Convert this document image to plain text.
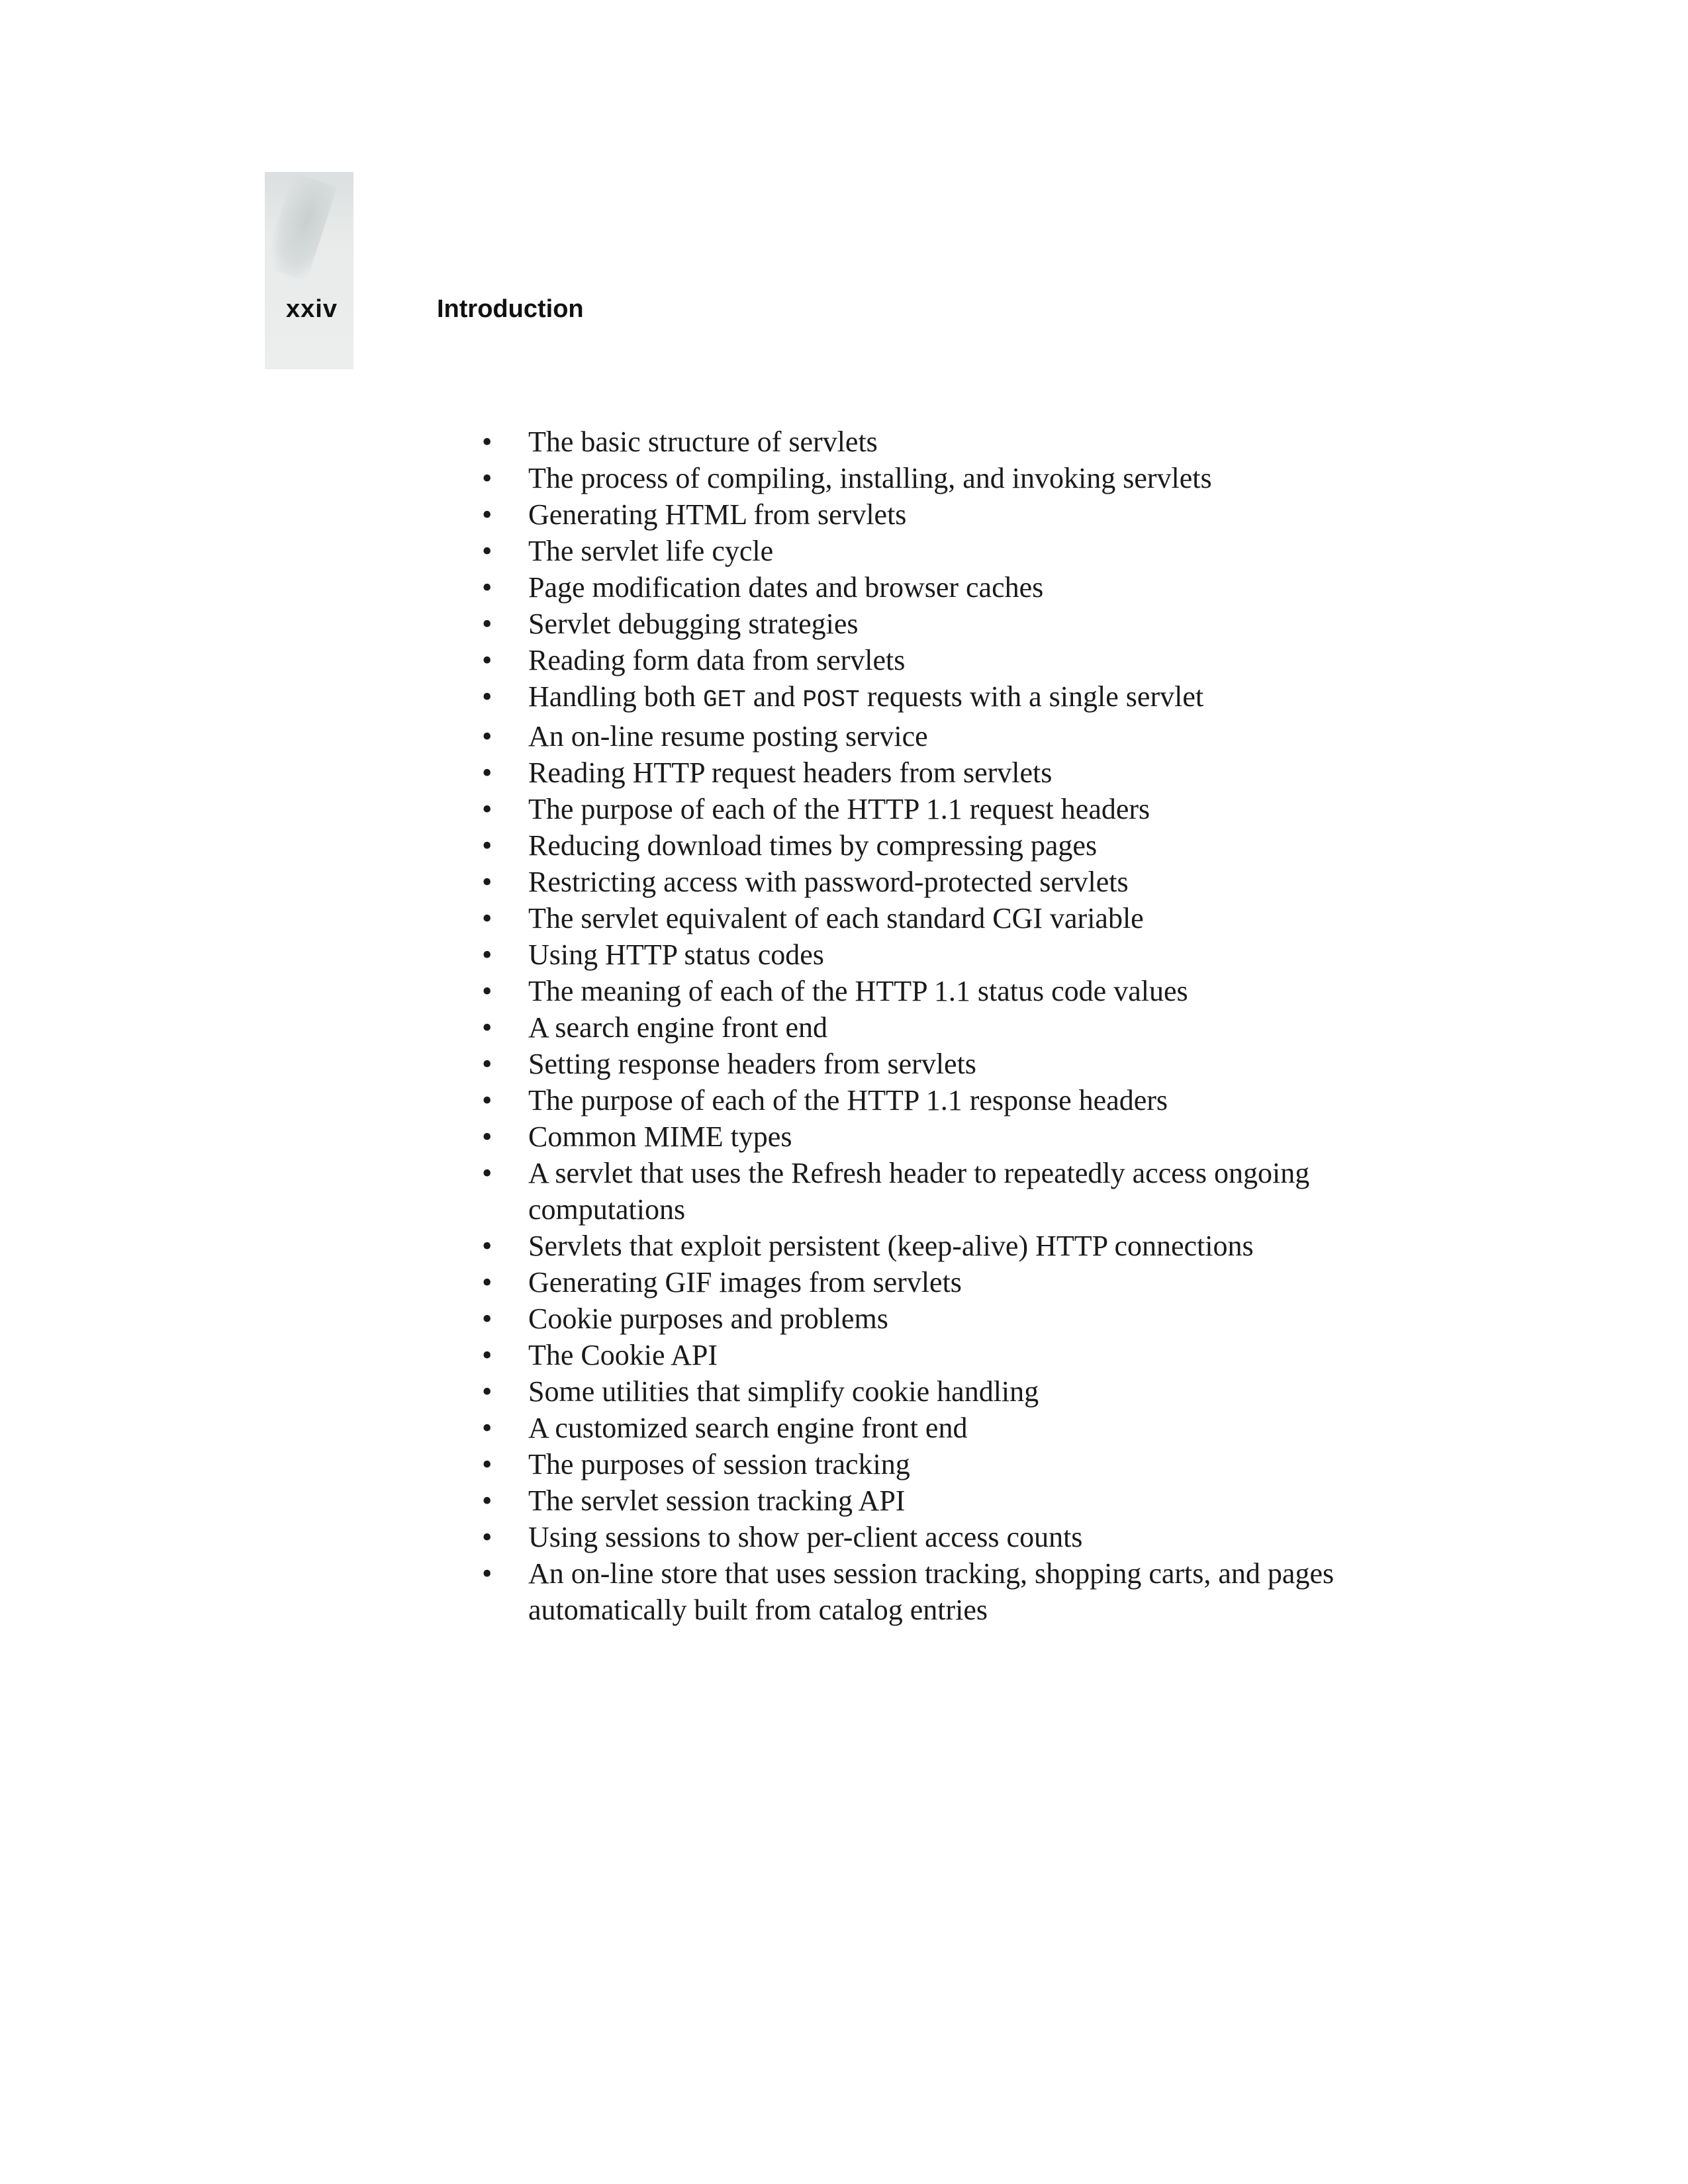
xxiv	Introduction
• The basic structure of servlets
• The process of compiling, installing, and invoking servlets
• Generating HTML from servlets
• The servlet life cycle
• Page modification dates and browser caches
• Servlet debugging strategies
• Reading form data from servlets
• Handling both GET and POST requests with a single servlet
• An on-line resume posting service
• Reading HTTP request headers from servlets
• The purpose of each of the HTTP 1.1 request headers
• Reducing download times by compressing pages
• Restricting access with password-protected servlets
• The servlet equivalent of each standard CGI variable
• Using HTTP status codes
• The meaning of each of the HTTP 1.1 status code values
• A search engine front end
• Setting response headers from servlets
• The purpose of each of the HTTP 1.1 response headers
• Common MIME types
• A servlet that uses the Refresh header to repeatedly access ongoing computations
• Servlets that exploit persistent (keep-alive) HTTP connections
• Generating GIF images from servlets
• Cookie purposes and problems
• The Cookie API
• Some utilities that simplify cookie handling
• A customized search engine front end
• The purposes of session tracking
• The servlet session tracking API
• Using sessions to show per-client access counts
• An on-line store that uses session tracking, shopping carts, and pages automatically built from catalog entries
